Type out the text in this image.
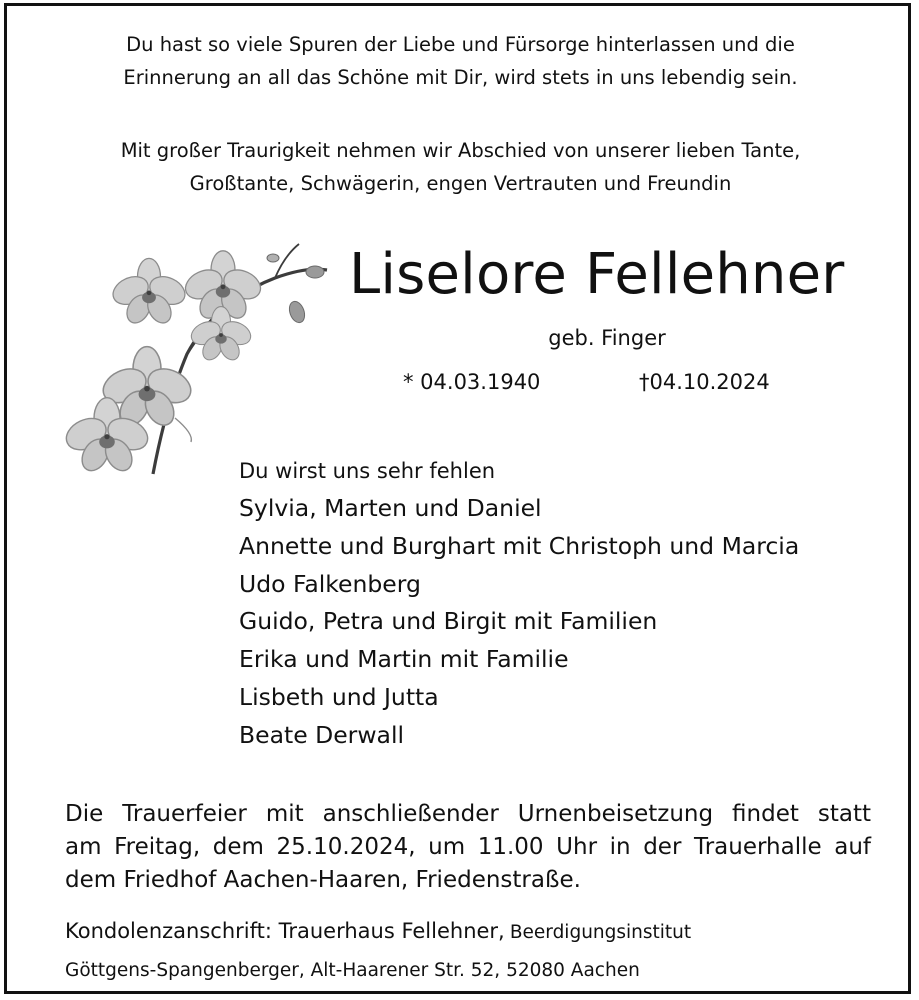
Du hast so viele Spuren der Liebe und Fürsorge hinterlassen und die
Erinnerung an all das Schöne mit Dir, wird stets in uns lebendig sein.

Mit großer Traurigkeit nehmen wir Abschied von unserer lieben Tante,
Großtante, Schwägerin, engen Vertrauten und Freundin

Liselore Fellehner
geb. Finger
* 04.03.1940	†04.10.2024
Du wirst uns sehr fehlen
Sylvia, Marten und Daniel
Annette und Burghart mit Christoph und Marcia
Udo Falkenberg
Guido, Petra und Birgit mit Familien
Erika und Martin mit Familie
Lisbeth und Jutta
Beate Derwall

Die Trauerfeier mit anschließender Urnenbeisetzung findet statt
am Freitag, dem 25.10.2024, um 11.00 Uhr in der Trauerhalle auf
dem Friedhof Aachen-Haaren, Friedenstraße.

Kondolenzanschrift: Trauerhaus Fellehner, Beerdigungsinstitut
Göttgens-Spangenberger, Alt-Haarener Str. 52, 52080 Aachen
